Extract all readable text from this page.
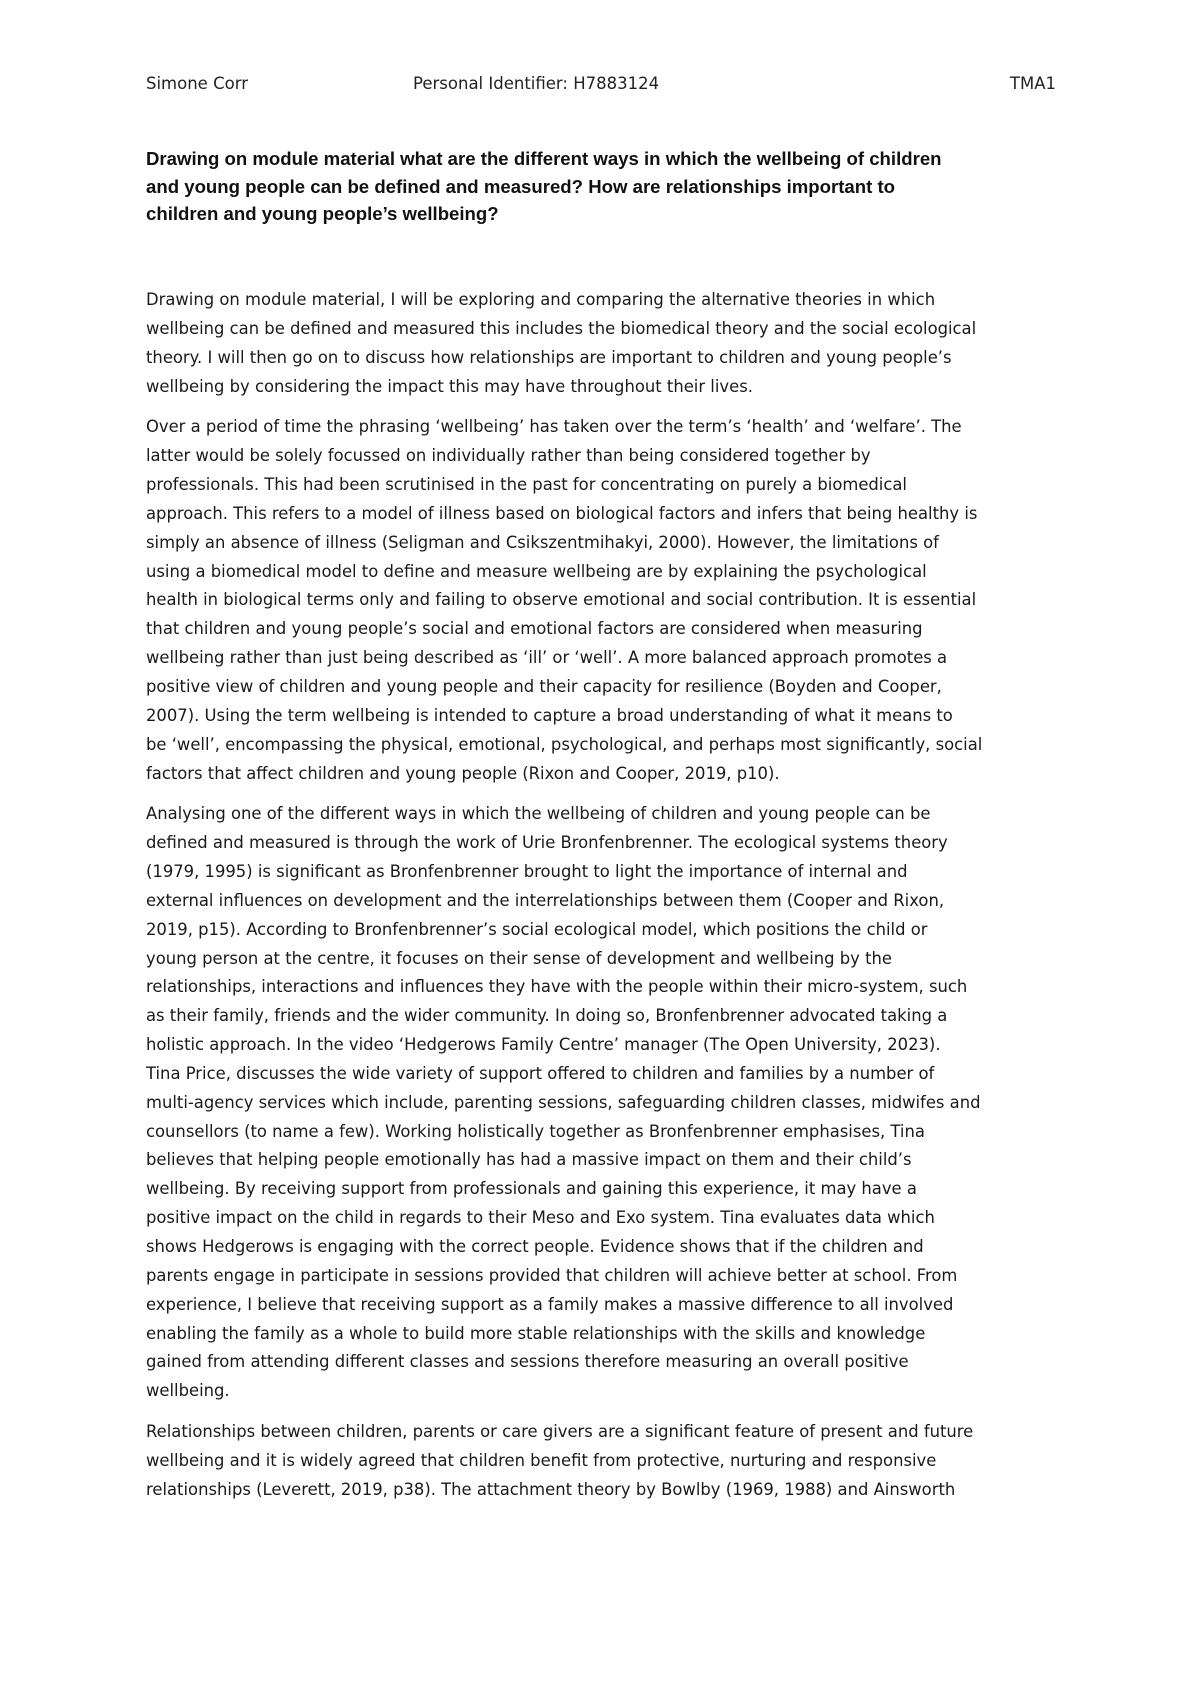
Simone Corr	Personal Identifier: H7883124	TMA1
Drawing on module material what are the different ways in which the wellbeing of children
and young people can be defined and measured? How are relationships important to
children and young people’s wellbeing?

Drawing on module material, I will be exploring and comparing the alternative theories in which
wellbeing can be defined and measured this includes the biomedical theory and the social ecological
theory. I will then go on to discuss how relationships are important to children and young people’s
wellbeing by considering the impact this may have throughout their lives.

Over a period of time the phrasing ‘wellbeing’ has taken over the term’s ‘health’ and ‘welfare’. The
latter would be solely focussed on individually rather than being considered together by
professionals. This had been scrutinised in the past for concentrating on purely a biomedical
approach. This refers to a model of illness based on biological factors and infers that being healthy is
simply an absence of illness (Seligman and Csikszentmihakyi, 2000). However, the limitations of
using a biomedical model to define and measure wellbeing are by explaining the psychological
health in biological terms only and failing to observe emotional and social contribution. It is essential
that children and young people’s social and emotional factors are considered when measuring
wellbeing rather than just being described as ‘ill’ or ‘well’. A more balanced approach promotes a
positive view of children and young people and their capacity for resilience (Boyden and Cooper,
2007). Using the term wellbeing is intended to capture a broad understanding of what it means to
be ‘well’, encompassing the physical, emotional, psychological, and perhaps most significantly, social
factors that affect children and young people (Rixon and Cooper, 2019, p10).

Analysing one of the different ways in which the wellbeing of children and young people can be
defined and measured is through the work of Urie Bronfenbrenner. The ecological systems theory
(1979, 1995) is significant as Bronfenbrenner brought to light the importance of internal and
external influences on development and the interrelationships between them (Cooper and Rixon,
2019, p15). According to Bronfenbrenner’s social ecological model, which positions the child or
young person at the centre, it focuses on their sense of development and wellbeing by the
relationships, interactions and influences they have with the people within their micro-system, such
as their family, friends and the wider community. In doing so, Bronfenbrenner advocated taking a
holistic approach. In the video ‘Hedgerows Family Centre’ manager (The Open University, 2023).
Tina Price, discusses the wide variety of support offered to children and families by a number of
multi-agency services which include, parenting sessions, safeguarding children classes, midwifes and
counsellors (to name a few). Working holistically together as Bronfenbrenner emphasises, Tina
believes that helping people emotionally has had a massive impact on them and their child’s
wellbeing. By receiving support from professionals and gaining this experience, it may have a
positive impact on the child in regards to their Meso and Exo system. Tina evaluates data which
shows Hedgerows is engaging with the correct people. Evidence shows that if the children and
parents engage in participate in sessions provided that children will achieve better at school. From
experience, I believe that receiving support as a family makes a massive difference to all involved
enabling the family as a whole to build more stable relationships with the skills and knowledge
gained from attending different classes and sessions therefore measuring an overall positive
wellbeing.

Relationships between children, parents or care givers are a significant feature of present and future
wellbeing and it is widely agreed that children benefit from protective, nurturing and responsive
relationships (Leverett, 2019, p38). The attachment theory by Bowlby (1969, 1988) and Ainsworth
